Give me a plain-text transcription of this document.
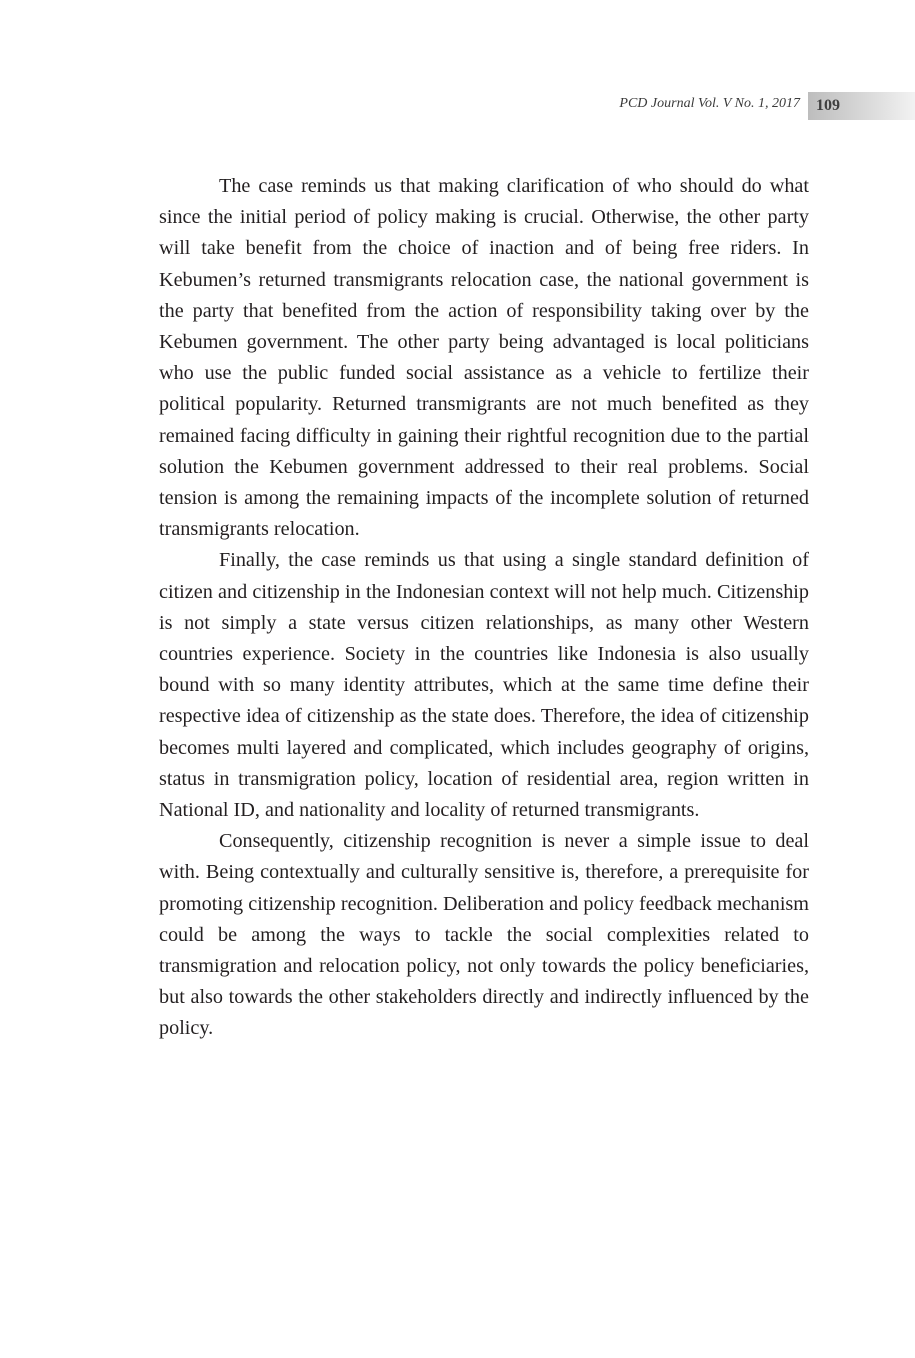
PCD Journal Vol. V No. 1, 2017 109

The case reminds us that making clarification of who should do what since the initial period of policy making is crucial. Otherwise, the other party will take benefit from the choice of inaction and of being free riders. In Kebumen’s returned transmigrants relocation case, the national government is the party that benefited from the action of responsibility taking over by the Kebumen government. The other party being advantaged is local politicians who use the public funded social assistance as a vehicle to fertilize their political popularity. Returned transmigrants are not much benefited as they remained facing difficulty in gaining their rightful recognition due to the partial solution the Kebumen government addressed to their real problems. Social tension is among the remaining impacts of the incomplete solution of returned transmigrants relocation.

Finally, the case reminds us that using a single standard definition of citizen and citizenship in the Indonesian context will not help much. Citizenship is not simply a state versus citizen relationships, as many other Western countries experience. Society in the countries like Indonesia is also usually bound with so many identity attributes, which at the same time define their respective idea of citizenship as the state does. Therefore, the idea of citizenship becomes multi layered and complicated, which includes geography of origins, status in transmigration policy, location of residential area, region written in National ID, and nationality and locality of returned transmigrants.

Consequently, citizenship recognition is never a simple issue to deal with. Being contextually and culturally sensitive is, therefore, a prerequisite for promoting citizenship recognition. Deliberation and policy feedback mechanism could be among the ways to tackle the social complexities related to transmigration and relocation policy, not only towards the policy beneficiaries, but also towards the other stakeholders directly and indirectly influenced by the policy.
